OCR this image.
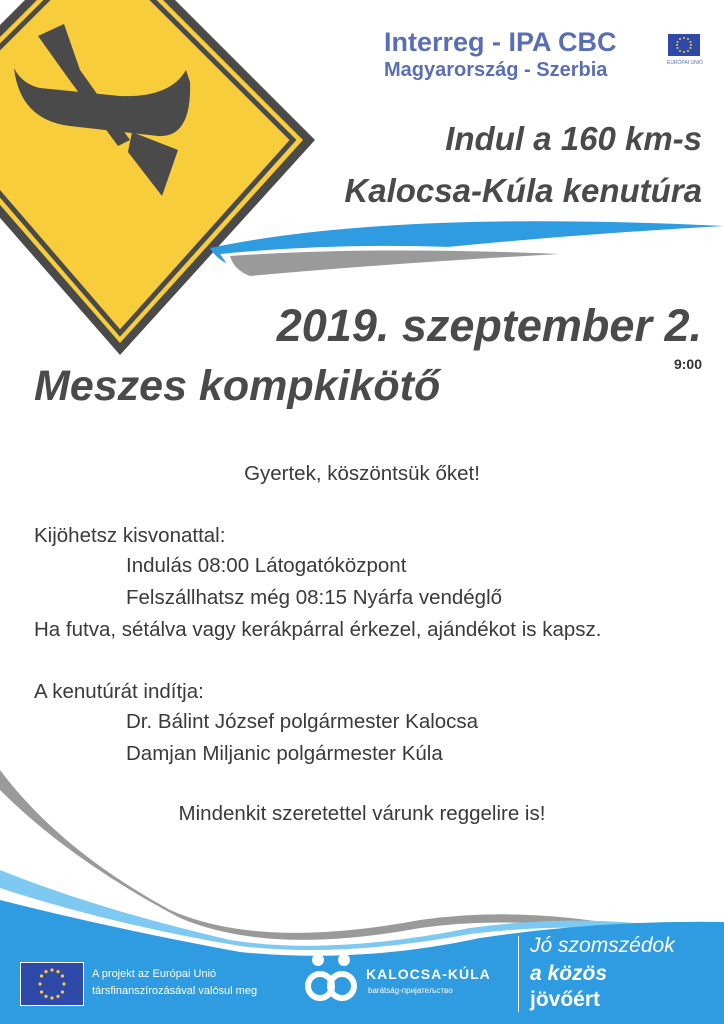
Interreg - IPA CBC
Magyarország - Szerbia	EURÓPAI UNIÓ
Indul a 160 km-s
Kalocsa-Kúla kenutúra
2019. szeptember 2.
9:00
Meszes kompkikötő
Gyertek, köszöntsük őket!
Kijöhetsz kisvonattal:
Indulás 08:00 Látogatóközpont
Felszállhatsz még 08:15 Nyárfa vendéglő
Ha futva, sétálva vagy kerákpárral érkezel, ajándékot is kapsz.
A kenutúrát indítja:
Dr. Bálint József polgármester Kalocsa
Damjan Miljanic polgármester Kúla
Mindenkit szeretettel várunk reggelire is!
A projekt az Európai Unió
társfinanszírozásával valósul meg
KALOCSA-KÚLA
barátság-пријатељство
Jó szomszédok
a közös
jövőért
